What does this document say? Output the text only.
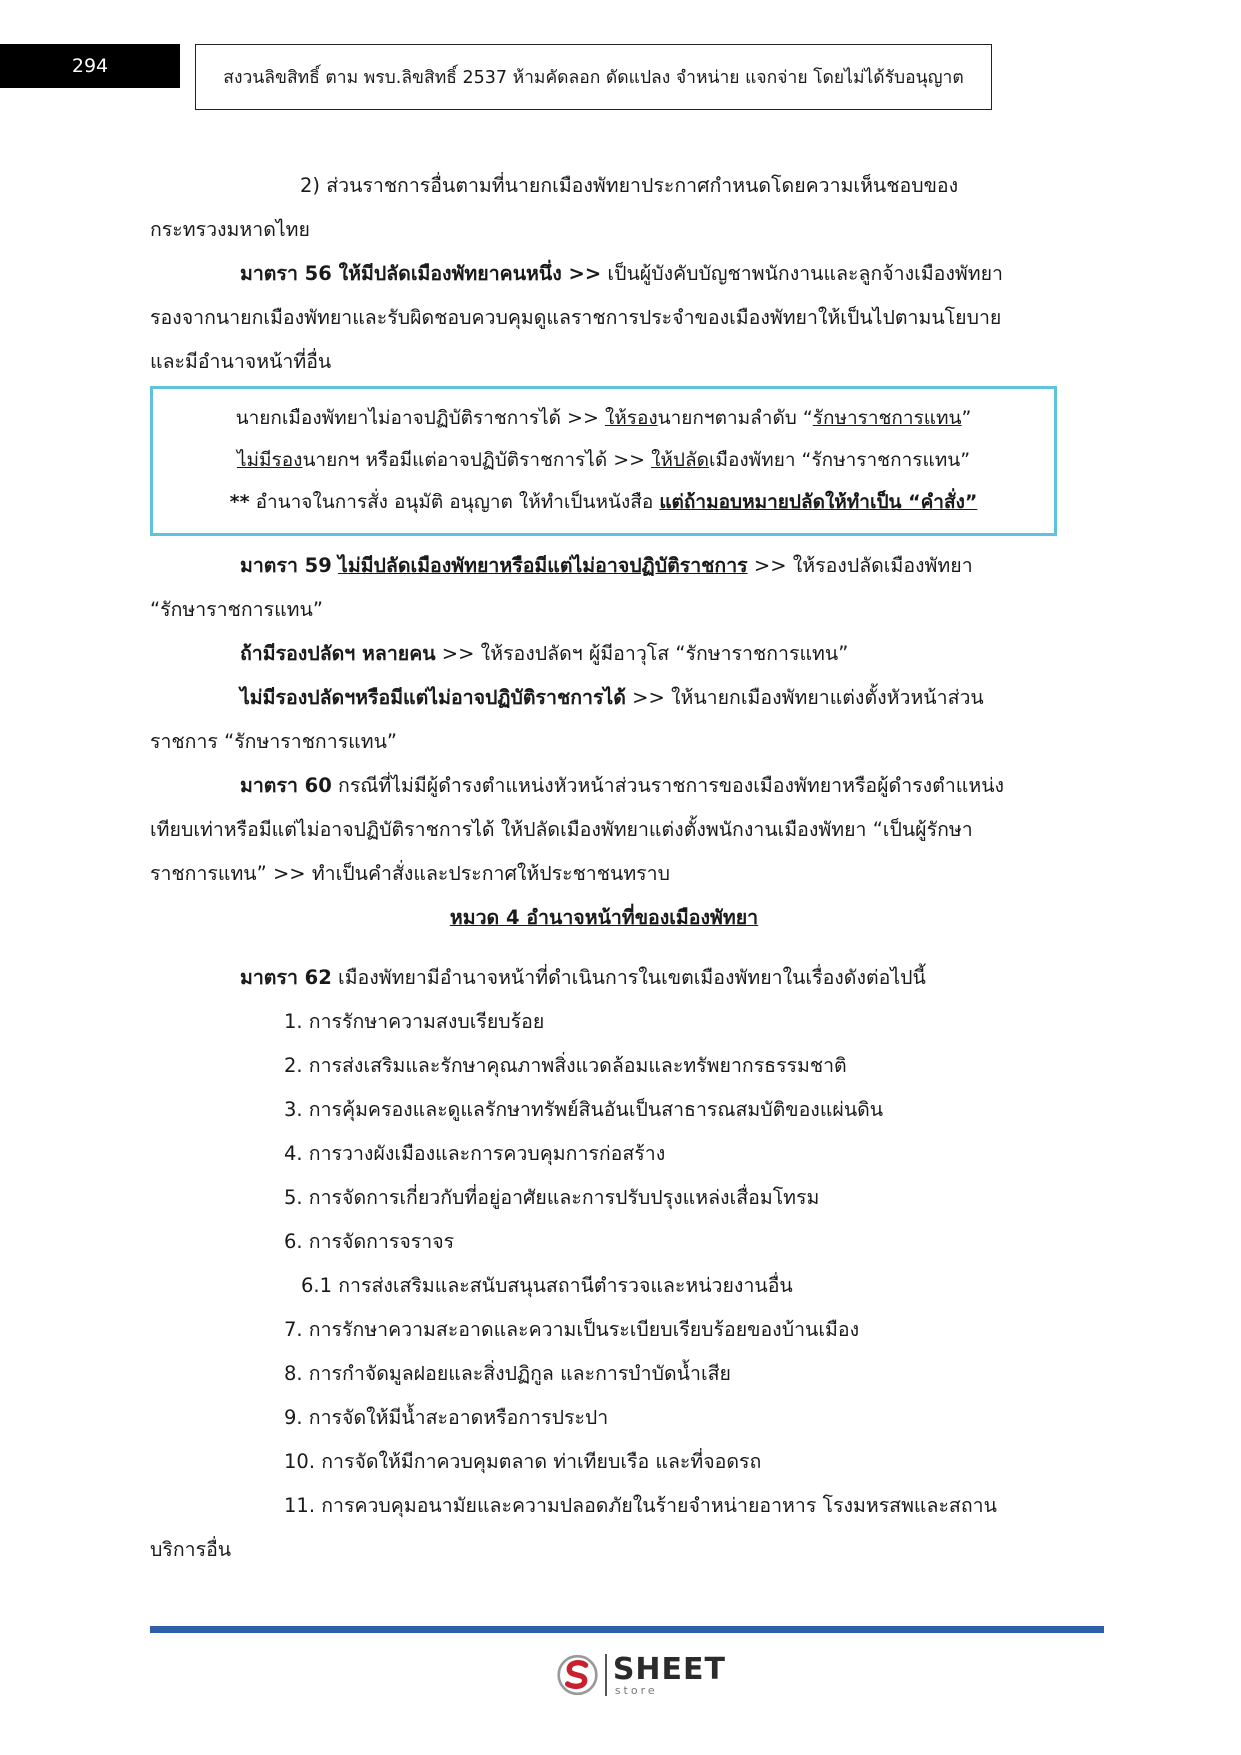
294
สงวนลิขสิทธิ์ ตาม พรบ.ลิขสิทธิ์ 2537 ห้ามคัดลอก ดัดแปลง จำหน่าย แจกจ่าย โดยไม่ได้รับอนุญาต
2) ส่วนราชการอื่นตามที่นายกเมืองพัทยาประกาศกำหนดโดยความเห็นชอบของ
กระทรวงมหาดไทย
มาตรา 56 ให้มีปลัดเมืองพัทยาคนหนึ่ง >> เป็นผู้บังคับบัญชาพนักงานและลูกจ้างเมืองพัทยา
รองจากนายกเมืองพัทยาและรับผิดชอบควบคุมดูแลราชการประจำของเมืองพัทยาให้เป็นไปตามนโยบาย
และมีอำนาจหน้าที่อื่น
นายกเมืองพัทยาไม่อาจปฏิบัติราชการได้ >> ให้รองนายกฯตามลำดับ “รักษาราชการแทน”
ไม่มีรองนายกฯ หรือมีแต่อาจปฏิบัติราชการได้ >> ให้ปลัดเมืองพัทยา “รักษาราชการแทน”
** อำนาจในการสั่ง อนุมัติ อนุญาต ให้ทำเป็นหนังสือ แต่ถ้ามอบหมายปลัดให้ทำเป็น “คำสั่ง”
มาตรา 59 ไม่มีปลัดเมืองพัทยาหรือมีแต่ไม่อาจปฏิบัติราชการ >> ให้รองปลัดเมืองพัทยา
“รักษาราชการแทน”
ถ้ามีรองปลัดฯ หลายคน >> ให้รองปลัดฯ ผู้มีอาวุโส “รักษาราชการแทน”
ไม่มีรองปลัดฯหรือมีแต่ไม่อาจปฏิบัติราชการได้ >> ให้นายกเมืองพัทยาแต่งตั้งหัวหน้าส่วน
ราชการ “รักษาราชการแทน”
มาตรา 60 กรณีที่ไม่มีผู้ดำรงตำแหน่งหัวหน้าส่วนราชการของเมืองพัทยาหรือผู้ดำรงตำแหน่ง
เทียบเท่าหรือมีแต่ไม่อาจปฏิบัติราชการได้ ให้ปลัดเมืองพัทยาแต่งตั้งพนักงานเมืองพัทยา “เป็นผู้รักษา
ราชการแทน” >> ทำเป็นคำสั่งและประกาศให้ประชาชนทราบ
หมวด 4 อำนาจหน้าที่ของเมืองพัทยา
มาตรา 62 เมืองพัทยามีอำนาจหน้าที่ดำเนินการในเขตเมืองพัทยาในเรื่องดังต่อไปนี้
1. การรักษาความสงบเรียบร้อย
2. การส่งเสริมและรักษาคุณภาพสิ่งแวดล้อมและทรัพยากรธรรมชาติ
3. การคุ้มครองและดูแลรักษาทรัพย์สินอันเป็นสาธารณสมบัติของแผ่นดิน
4. การวางผังเมืองและการควบคุมการก่อสร้าง
5. การจัดการเกี่ยวกับที่อยู่อาศัยและการปรับปรุงแหล่งเสื่อมโทรม
6. การจัดการจราจร
6.1 การส่งเสริมและสนับสนุนสถานีตำรวจและหน่วยงานอื่น
7. การรักษาความสะอาดและความเป็นระเบียบเรียบร้อยของบ้านเมือง
8. การกำจัดมูลฝอยและสิ่งปฏิกูล และการบำบัดน้ำเสีย
9. การจัดให้มีน้ำสะอาดหรือการประปา
10. การจัดให้มีกาควบคุมตลาด ท่าเทียบเรือ และที่จอดรถ
11. การควบคุมอนามัยและความปลอดภัยในร้ายจำหน่ายอาหาร โรงมหรสพและสถาน
บริการอื่น
SHEET
store
